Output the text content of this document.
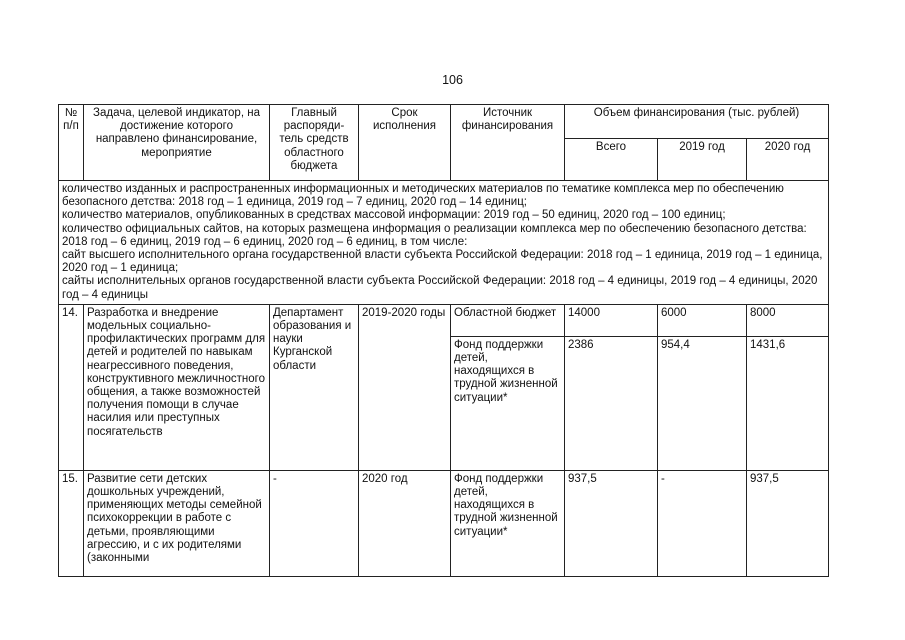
106
№ п/п	Задача, целевой индикатор, на достижение которого направлено финансирование, мероприятие	Главный распоряди-тель средств областного бюджета	Срок исполнения	Источник финансирования	Объем финансирования (тыс. рублей)		
					Всего	2019 год	2020 год

количество изданных и распространенных информационных и методических материалов по тематике комплекса мер по обеспечению безопасного детства: 2018 год – 1 единица, 2019 год – 7 единиц, 2020 год – 14 единиц;
количество материалов, опубликованных в средствах массовой информации: 2019 год – 50 единиц, 2020 год – 100 единиц;
количество официальных сайтов, на которых размещена информация о реализации комплекса мер по обеспечению безопасного детства: 2018 год – 6 единиц, 2019 год – 6 единиц, 2020 год – 6 единиц, в том числе:
сайт высшего исполнительного органа государственной власти субъекта Российской Федерации: 2018 год – 1 единица, 2019 год – 1 единица, 2020 год – 1 единица;
сайты исполнительных органов государственной власти субъекта Российской Федерации: 2018 год – 4 единицы, 2019 год – 4 единицы, 2020 год – 4 единицы							

14.	Разработка и внедрение модельных социально-профилактических программ для детей и родителей по навыкам неагрессивного поведения, конструктивного межличностного общения, а также возможностей получения помощи в случае насилия или преступных посягательств	Департамент образования и науки Курганской области	2019-2020 годы	Областной бюджет	14000	6000	8000
				Фонд поддержки детей, находящихся в трудной жизненной ситуации*	2386	954,4	1431,6
15.	Развитие сети детских дошкольных учреждений, применяющих методы семейной психокоррекции в работе с детьми, проявляющими агрессию, и с их родителями (законными	-	2020 год	Фонд поддержки детей, находящихся в трудной жизненной ситуации*	937,5	-	937,5
